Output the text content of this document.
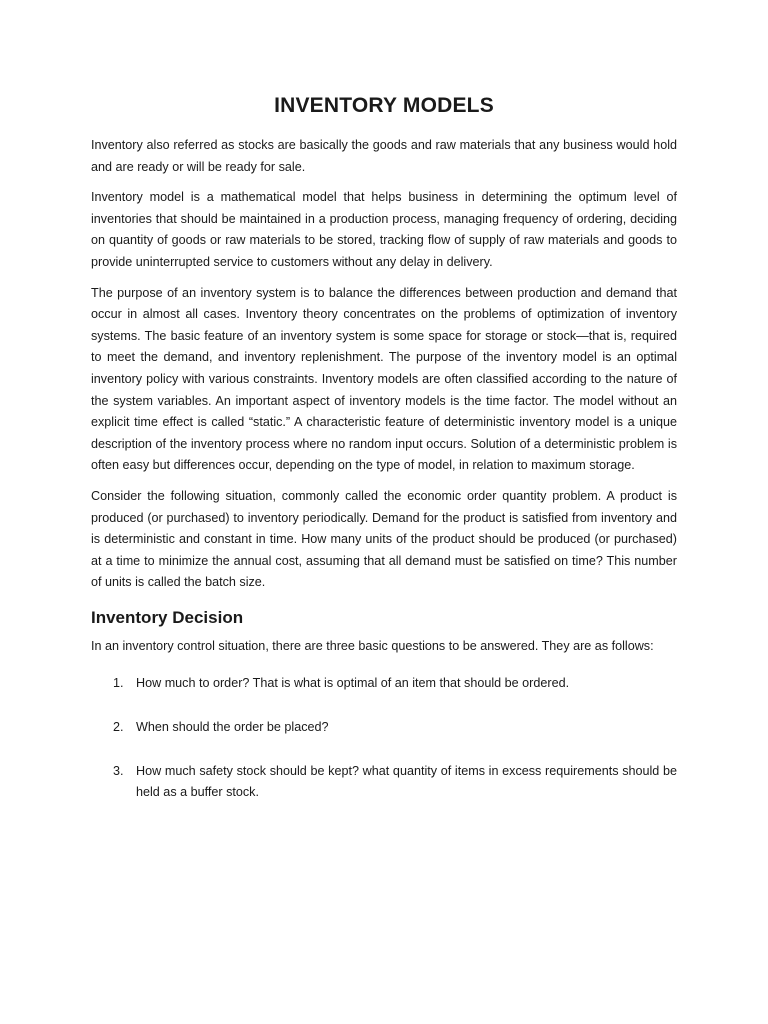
INVENTORY MODELS

Inventory also referred as stocks are basically the goods and raw materials that any business would hold and are ready or will be ready for sale.

Inventory model is a mathematical model that helps business in determining the optimum level of inventories that should be maintained in a production process, managing frequency of ordering, deciding on quantity of goods or raw materials to be stored, tracking flow of supply of raw materials and goods to provide uninterrupted service to customers without any delay in delivery.

The purpose of an inventory system is to balance the differences between production and demand that occur in almost all cases. Inventory theory concentrates on the problems of optimization of inventory systems. The basic feature of an inventory system is some space for storage or stock—that is, required to meet the demand, and inventory replenishment. The purpose of the inventory model is an optimal inventory policy with various constraints. Inventory models are often classified according to the nature of the system variables. An important aspect of inventory models is the time factor. The model without an explicit time effect is called “static.” A characteristic feature of deterministic inventory model is a unique description of the inventory process where no random input occurs. Solution of a deterministic problem is often easy but differences occur, depending on the type of model, in relation to maximum storage.

Consider the following situation, commonly called the economic order quantity problem. A product is produced (or purchased) to inventory periodically. Demand for the product is satisfied from inventory and is deterministic and constant in time. How many units of the product should be produced (or purchased) at a time to minimize the annual cost, assuming that all demand must be satisfied on time? This number of units is called the batch size.

Inventory Decision

In an inventory control situation, there are three basic questions to be answered. They are as follows:

1. How much to order? That is what is optimal of an item that should be ordered.
2. When should the order be placed?
3. How much safety stock should be kept? what quantity of items in excess requirements should be held as a buffer stock.
